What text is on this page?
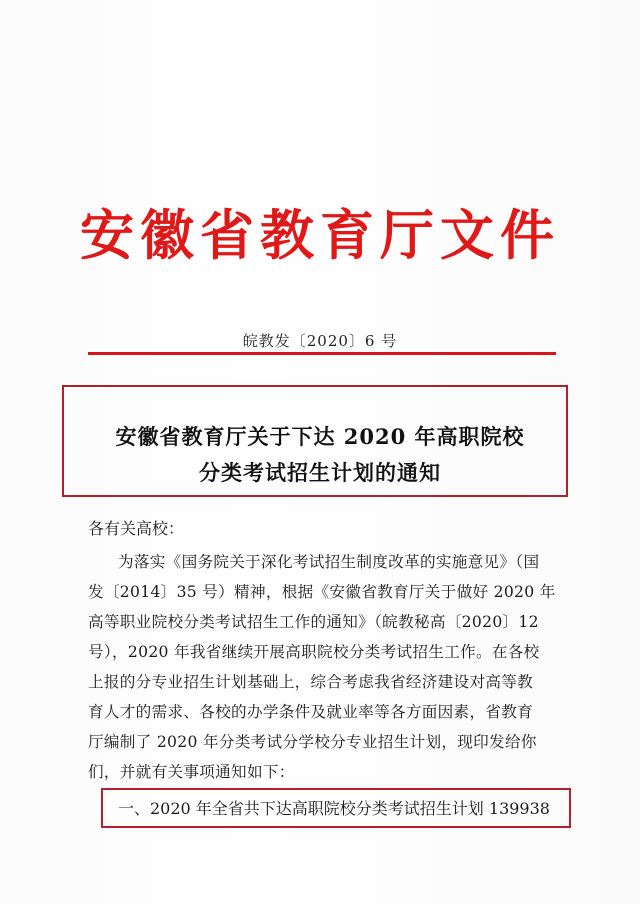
安徽省教育厅文件
皖教发〔2020〕6 号
安徽省教育厅关于下达 2020 年高职院校
分类考试招生计划的通知
各有关高校：
为落实《国务院关于深化考试招生制度改革的实施意见》（国
发〔2014〕35 号）精神，根据《安徽省教育厅关于做好 2020 年
高等职业院校分类考试招生工作的通知》（皖教秘高〔2020〕12
号），2020 年我省继续开展高职院校分类考试招生工作。在各校
上报的分专业招生计划基础上，综合考虑我省经济建设对高等教
育人才的需求、各校的办学条件及就业率等各方面因素，省教育
厅编制了 2020 年分类考试分学校分专业招生计划，现印发给你
们，并就有关事项通知如下：
一、2020 年全省共下达高职院校分类考试招生计划 139938
